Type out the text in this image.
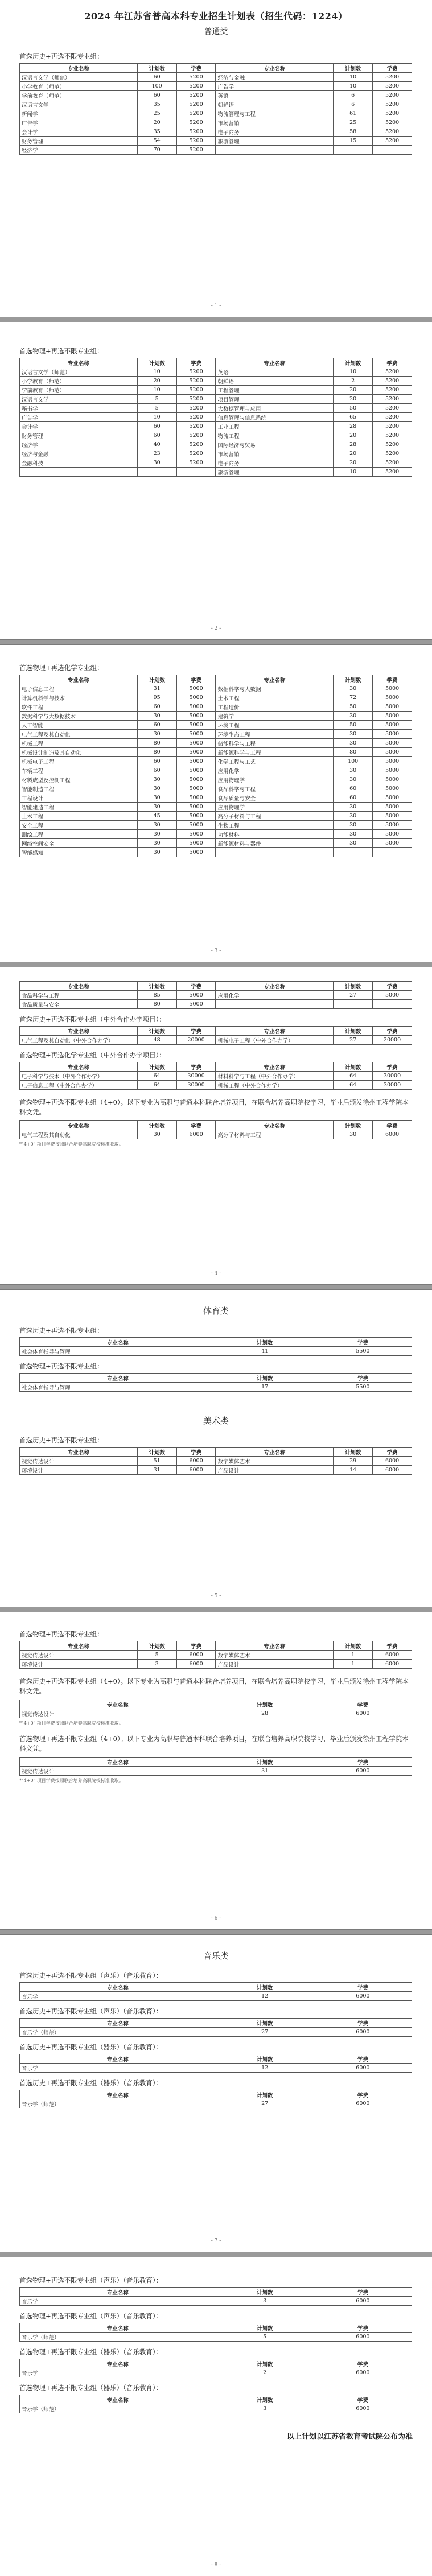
2024 年江苏省普高本科专业招生计划表（招生代码：1224）
普通类
首选历史+再选不限专业组：
专业名称	计划数	学费	专业名称	计划数	学费
汉语言文学（师范）	60	5200	经济与金融	10	5200
小学教育（师范）	100	5200	广告学	10	5200
学前教育（师范）	60	5200	英语	6	5200
汉语言文学	35	5200	朝鲜语	6	5200
新闻学	25	5200	物流管理与工程	61	5200
广告学	20	5200	市场营销	25	5200
会计学	35	5200	电子商务	58	5200
财务管理	54	5200	旅游管理	15	5200
经济学	70	5200			
- 1 -
首选物理+再选不限专业组：
专业名称	计划数	学费	专业名称	计划数	学费
汉语言文学（师范）	10	5200	英语	10	5200
小学教育（师范）	20	5200	朝鲜语	2	5200
学前教育（师范）	10	5200	工程管理	20	5200
汉语言文学	5	5200	项目管理	20	5200
秘书学	5	5200	大数据管理与应用	50	5200
广告学	10	5200	信息管理与信息系统	65	5200
会计学	60	5200	工业工程	28	5200
财务管理	60	5200	物流工程	20	5200
经济学	40	5200	国际经济与贸易	28	5200
经济与金融	23	5200	市场营销	20	5200
金融科技	30	5200	电子商务	20	5200
			旅游管理	10	5200
- 2 -
首选物理+再选化学专业组：
专业名称	计划数	学费	专业名称	计划数	学费
电子信息工程	31	5000	数据科学与大数据	30	5000
计算机科学与技术	95	5000	土木工程	72	5000
软件工程	60	5000	工程造价	50	5000
数据科学与大数据技术	30	5000	建筑学	30	5000
人工智能	60	5000	环境工程	50	5000
电气工程及其自动化	30	5000	环境生态工程	30	5000
机械工程	80	5000	储能科学与工程	30	5000
机械设计制造及其自动化	80	5000	新能源科学与工程	80	5000
机械电子工程	60	5000	化学工程与工艺	100	5000
车辆工程	60	5000	应用化学	30	5000
材料成型及控制工程	30	5000	应用物理学	30	5000
智能制造工程	30	5000	食品科学与工程	60	5000
工程设计	30	5000	食品质量与安全	60	5000
智能建造工程	30	5000	应用物理学	30	5000
土木工程	45	5000	高分子材料与工程	30	5000
安全工程	30	5000	生物工程	30	5000
测绘工程	30	5000	功能材料	30	5000
网络空间安全	30	5000	新能源材料与器件	30	5000
智能感知	30	5000			
- 3 -
专业名称	计划数	学费	专业名称	计划数	学费
食品科学与工程	85	5000	应用化学	27	5000
食品质量与安全	80	5000			
首选历史+再选不限专业组（中外合作办学项目）：
专业名称	计划数	学费	专业名称	计划数	学费
电气工程及其自动化（中外合作办学）	48	20000	机械电子工程（中外合作办学）	27	20000
首选物理+再选化学专业组（中外合作办学项目）：
专业名称	计划数	学费	专业名称	计划数	学费
电子科学与技术（中外合作办学）	64	30000	材料科学与工程（中外合作办学）	64	30000
电子信息工程（中外合作办学）	64	30000	机械工程（中外合作办学）	64	30000
首选物理+再选不限专业组（4+0）。以下专业为高职与普通本科联合培养项目，在联合培养高职院校学习，毕业后颁发徐州工程学院本科文凭。
专业名称	计划数	学费	专业名称	计划数	学费
电气工程及其自动化	30	6000	高分子材料与工程	30	6000
*"4+0" 项目学费按照联合培养高职院校标准收取。
- 4 -
体育类
首选历史+再选不限专业组：
专业名称	计划数	学费
社会体育指导与管理	41	5500
首选物理+再选不限专业组：
专业名称	计划数	学费
社会体育指导与管理	17	5500
美术类
首选历史+再选不限专业组：
专业名称	计划数	学费	专业名称	计划数	学费
视觉传达设计	51	6000	数字媒体艺术	29	6000
环境设计	31	6000	产品设计	14	6000
- 5 -
首选物理+再选不限专业组：
专业名称	计划数	学费	专业名称	计划数	学费
视觉传达设计	5	6000	数字媒体艺术	1	6000
环境设计	3	6000	产品设计	1	6000
首选历史+再选不限专业组（4+0）。以下专业为高职与普通本科联合培养项目，在联合培养高职院校学习，毕业后颁发徐州工程学院本科文凭。
专业名称	计划数	学费
视觉传达设计	28	6000
*"4+0" 项目学费按照联合培养高职院校标准收取。
首选物理+再选不限专业组（4+0）。以下专业为高职与普通本科联合培养项目，在联合培养高职院校学习，毕业后颁发徐州工程学院本科文凭。
专业名称	计划数	学费
视觉传达设计	31	6000
*"4+0" 项目学费按照联合培养高职院校标准收取。
- 6 -
音乐类
首选历史+再选不限专业组（声乐）（音乐教育）：
专业名称	计划数	学费
音乐学	12	6000
首选历史+再选不限专业组（声乐）（音乐教育）：
专业名称	计划数	学费
音乐学（师范）	27	6000
首选历史+再选不限专业组（器乐）（音乐教育）：
专业名称	计划数	学费
音乐学	12	6000
首选历史+再选不限专业组（器乐）（音乐教育）：
专业名称	计划数	学费
音乐学（师范）	27	6000
- 7 -
首选物理+再选不限专业组（声乐）（音乐教育）：
专业名称	计划数	学费
音乐学	3	6000
首选物理+再选不限专业组（声乐）（音乐教育）：
专业名称	计划数	学费
音乐学（师范）	5	6000
首选物理+再选不限专业组（器乐）（音乐教育）：
专业名称	计划数	学费
音乐学	2	6000
首选物理+再选不限专业组（器乐）（音乐教育）：
专业名称	计划数	学费
音乐学（师范）	3	6000
以上计划以江苏省教育考试院公布为准
- 8 -
